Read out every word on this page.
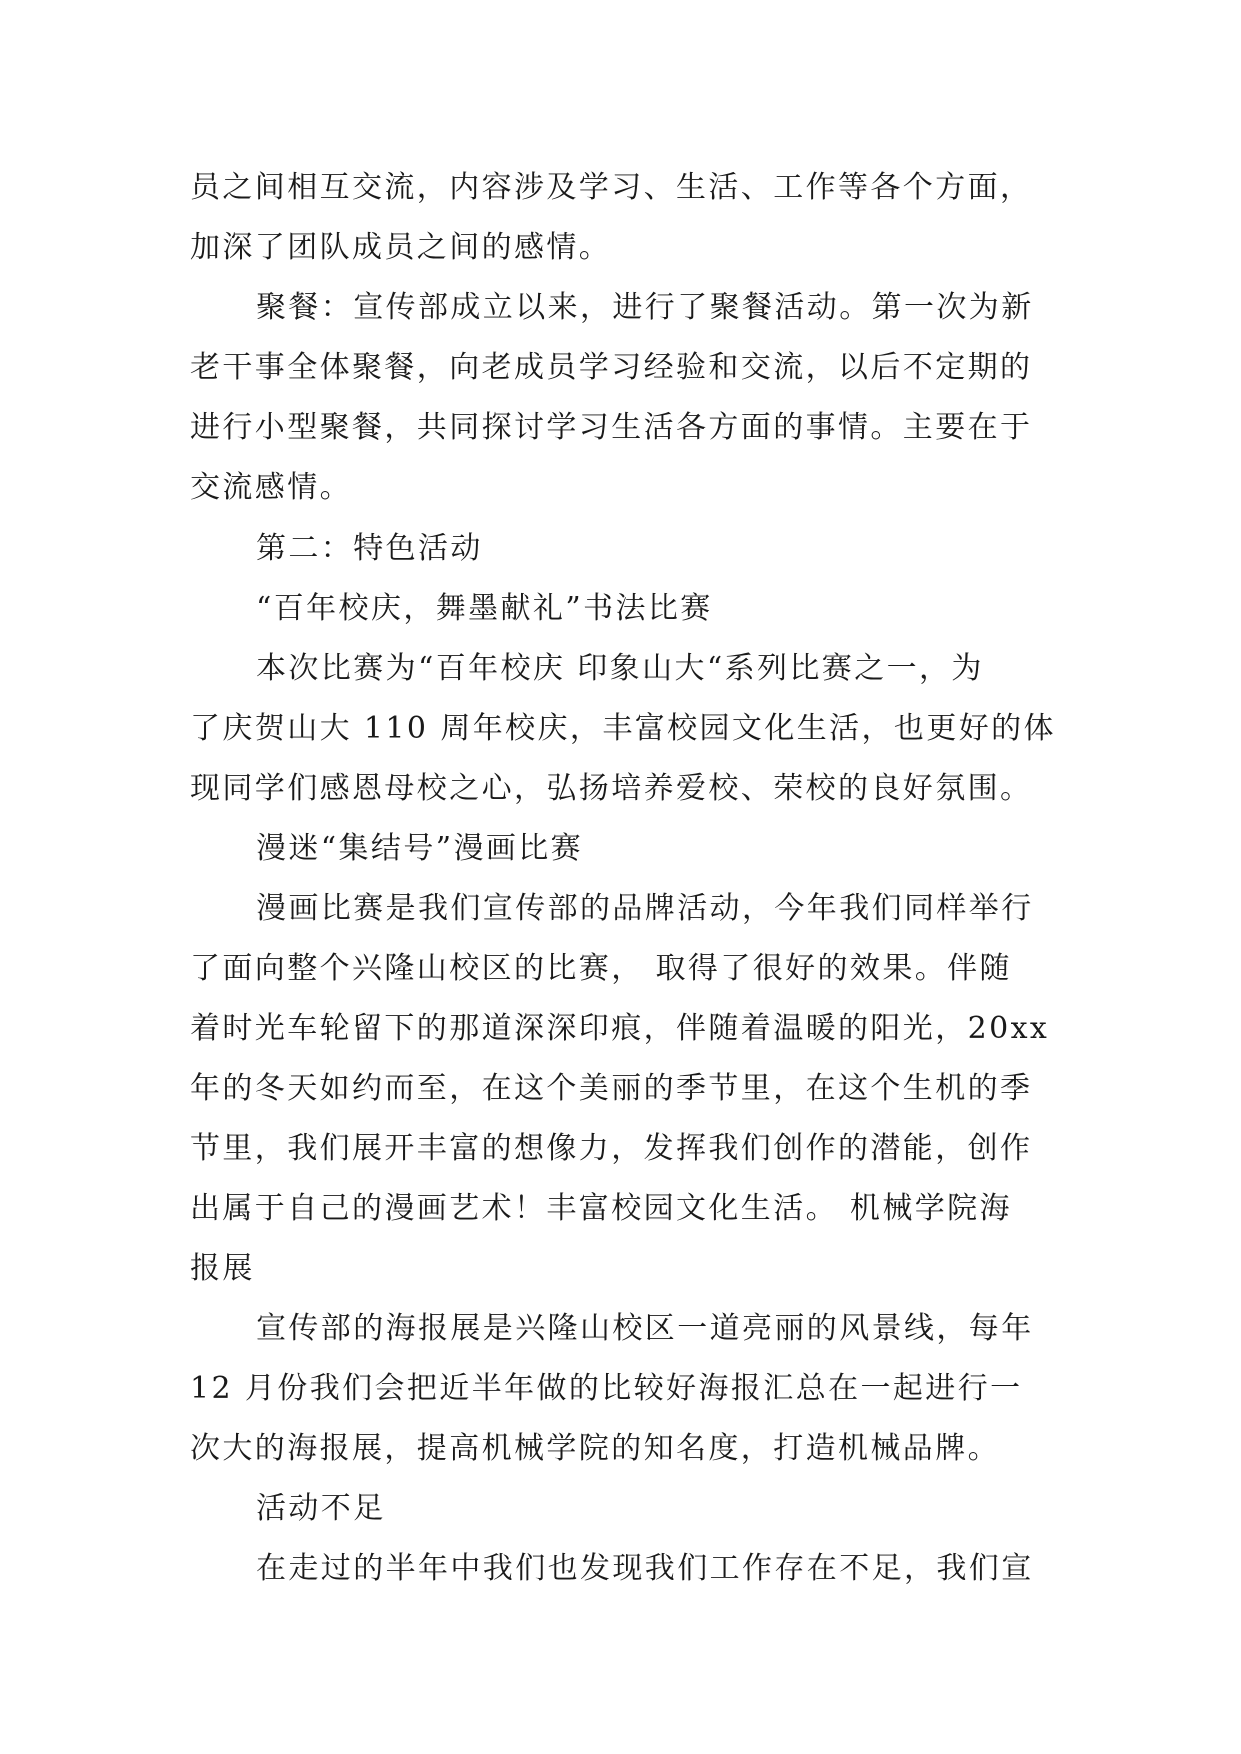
员之间相互交流，内容涉及学习、生活、工作等各个方面，
加深了团队成员之间的感情。
聚餐：宣传部成立以来，进行了聚餐活动。第一次为新
老干事全体聚餐，向老成员学习经验和交流，以后不定期的
进行小型聚餐，共同探讨学习生活各方面的事情。主要在于
交流感情。
第二：特色活动
“百年校庆，舞墨献礼”书法比赛
本次比赛为“百年校庆 印象山大“系列比赛之一，为
了庆贺山大 110 周年校庆，丰富校园文化生活，也更好的体
现同学们感恩母校之心，弘扬培养爱校、荣校的良好氛围。
漫迷“集结号”漫画比赛
漫画比赛是我们宣传部的品牌活动，今年我们同样举行
了面向整个兴隆山校区的比赛， 取得了很好的效果。伴随
着时光车轮留下的那道深深印痕，伴随着温暖的阳光，20xx
年的冬天如约而至，在这个美丽的季节里，在这个生机的季
节里，我们展开丰富的想像力，发挥我们创作的潜能，创作
出属于自己的漫画艺术！丰富校园文化生活。 机械学院海
报展
宣传部的海报展是兴隆山校区一道亮丽的风景线，每年
12 月份我们会把近半年做的比较好海报汇总在一起进行一
次大的海报展，提高机械学院的知名度，打造机械品牌。
活动不足
在走过的半年中我们也发现我们工作存在不足，我们宣
